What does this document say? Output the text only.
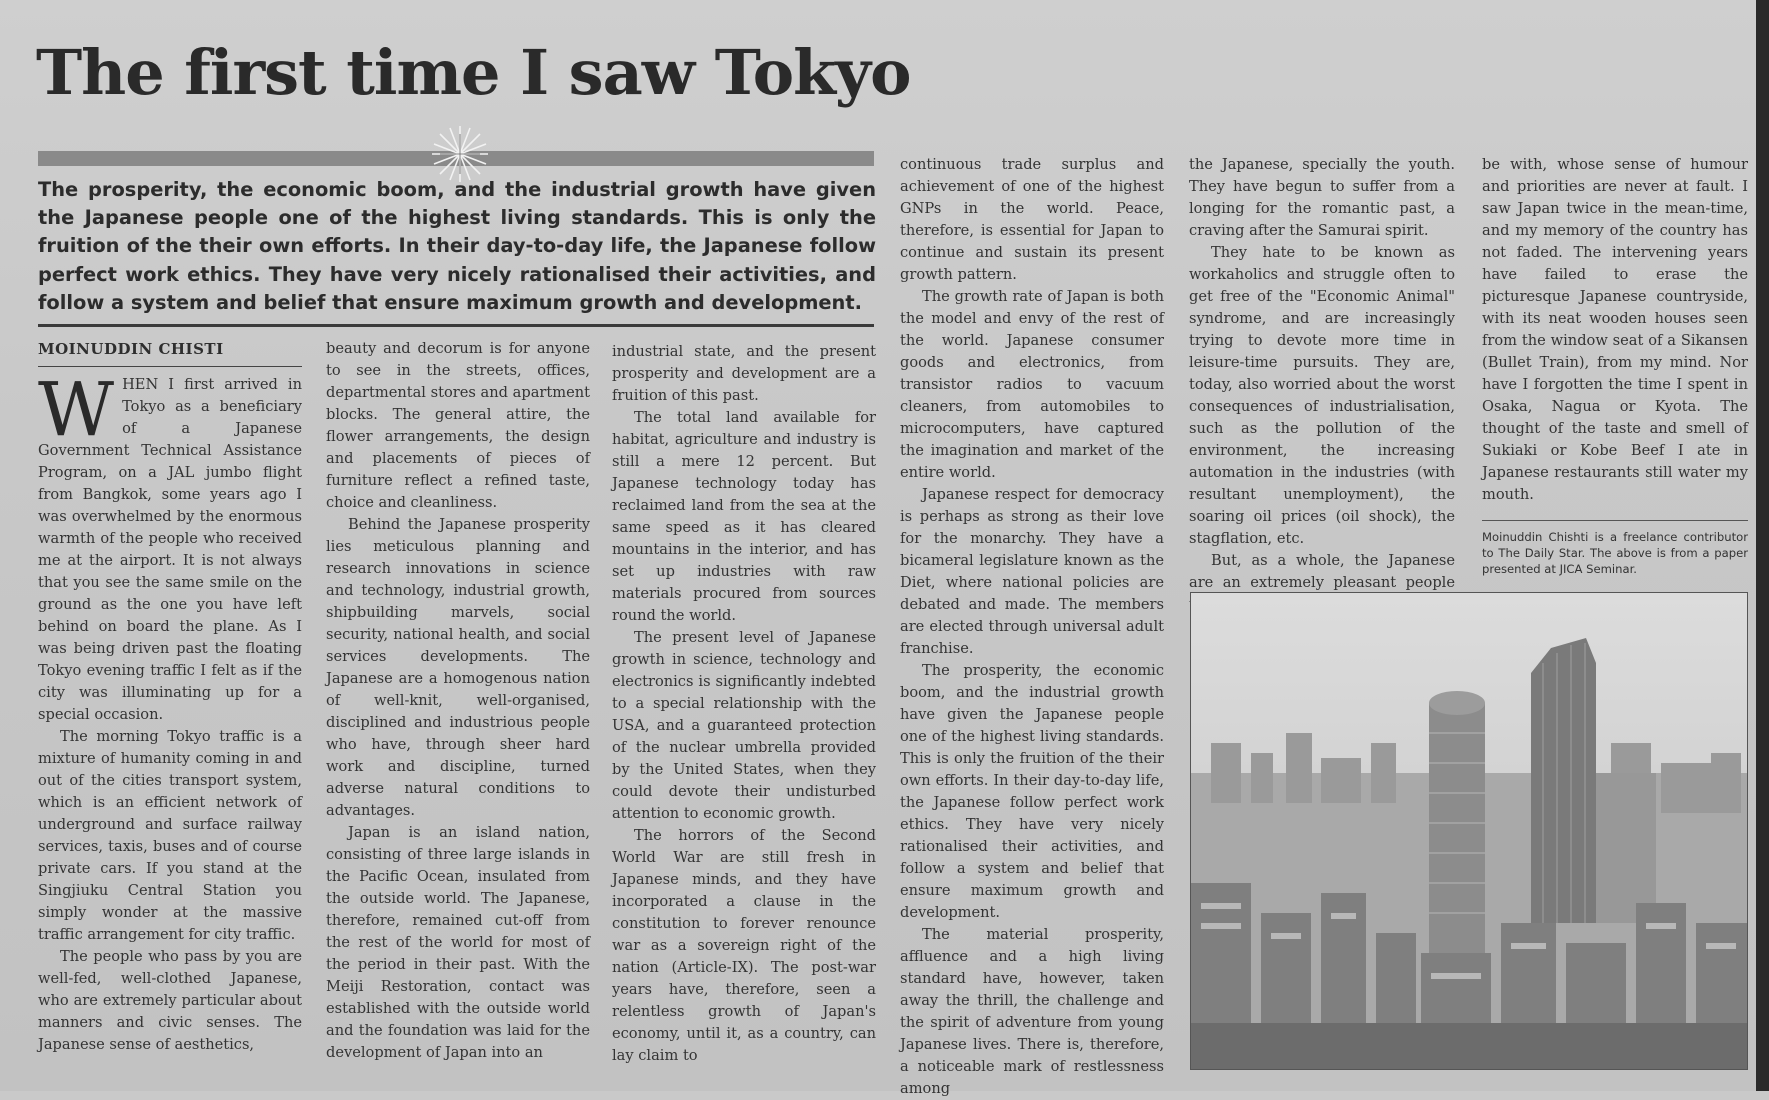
The first time I saw Tokyo

The prosperity, the economic boom, and the industrial growth have given the Japanese people one of the highest living standards. This is only the fruition of the their own efforts. In their day-to-day life, the Japanese follow perfect work ethics. They have very nicely rationalised their activities, and follow a system and belief that ensure maximum growth and development.

MOINUDDIN CHISTI
W HEN I first arrived in Tokyo as a beneficiary of a Japanese Government Technical Assistance Program, on a JAL jumbo flight from Bangkok, some years ago I was overwhelmed by the enormous warmth of the people who received me at the airport. It is not always that you see the same smile on the ground as the one you have left behind on board the plane. As I was being driven past the floating Tokyo evening traffic I felt as if the city was illuminating up for a special occasion.

The morning Tokyo traffic is a mixture of humanity coming in and out of the cities transport system, which is an efficient network of underground and surface railway services, taxis, buses and of course private cars. If you stand at the Singjiuku Central Station you simply wonder at the massive traffic arrangement for city traffic.

The people who pass by you are well-fed, well-clothed Japanese, who are extremely particular about manners and civic senses. The Japanese sense of aesthetics,

beauty and decorum is for anyone to see in the streets, offices, departmental stores and apartment blocks. The general attire, the flower arrangements, the design and placements of pieces of furniture reflect a refined taste, choice and cleanliness.

Behind the Japanese prosperity lies meticulous planning and research innovations in science and technology, industrial growth, shipbuilding marvels, social security, national health, and social services developments. The Japanese are a homogenous nation of well-knit, well-organised, disciplined and industrious people who have, through sheer hard work and discipline, turned adverse natural conditions to advantages.

Japan is an island nation, consisting of three large islands in the Pacific Ocean, insulated from the outside world. The Japanese, therefore, remained cut-off from the rest of the world for most of the period in their past. With the Meiji Restoration, contact was established with the outside world and the foundation was laid for the development of Japan into an

industrial state, and the present prosperity and development are a fruition of this past.

The total land available for habitat, agriculture and industry is still a mere 12 percent. But Japanese technology today has reclaimed land from the sea at the same speed as it has cleared mountains in the interior, and has set up industries with raw materials procured from sources round the world.

The present level of Japanese growth in science, technology and electronics is significantly indebted to a special relationship with the USA, and a guaranteed protection of the nuclear umbrella provided by the United States, when they could devote their undisturbed attention to economic growth.

The horrors of the Second World War are still fresh in Japanese minds, and they have incorporated a clause in the constitution to forever renounce war as a sovereign right of the nation (Article-IX). The post-war years have, therefore, seen a relentless growth of Japan's economy, until it, as a country, can lay claim to

continuous trade surplus and achievement of one of the highest GNPs in the world. Peace, therefore, is essential for Japan to continue and sustain its present growth pattern.

The growth rate of Japan is both the model and envy of the rest of the world. Japanese consumer goods and electronics, from transistor radios to vacuum cleaners, from automobiles to microcomputers, have captured the imagination and market of the entire world.

Japanese respect for democracy is perhaps as strong as their love for the monarchy. They have a bicameral legislature known as the Diet, where national policies are debated and made. The members are elected through universal adult franchise.

The prosperity, the economic boom, and the industrial growth have given the Japanese people one of the highest living standards. This is only the fruition of the their own efforts. In their day-to-day life, the Japanese follow perfect work ethics. They have very nicely rationalised their activities, and follow a system and belief that ensure maximum growth and development.

The material prosperity, affluence and a high living standard have, however, taken away the thrill, the challenge and the spirit of adventure from young Japanese lives. There is, therefore, a noticeable mark of restlessness among

the Japanese, specially the youth. They have begun to suffer from a longing for the romantic past, a craving after the Samurai spirit.

They hate to be known as workaholics and struggle often to get free of the "Economic Animal" syndrome, and are increasingly trying to devote more time in leisure-time pursuits. They are, today, also worried about the worst consequences of industrialisation, such as the pollution of the environment, the increasing automation in the industries (with resultant unemployment), the soaring oil prices (oil shock), the stagflation, etc.

But, as a whole, the Japanese are an extremely pleasant people

be with, whose sense of humour and priorities are never at fault. I saw Japan twice in the mean-time, and my memory of the country has not faded. The intervening years have failed to erase the picturesque Japanese countryside, with its neat wooden houses seen from the window seat of a Sikansen (Bullet Train), from my mind. Nor have I forgotten the time I spent in Osaka, Nagua or Kyota. The thought of the taste and smell of Sukiaki or Kobe Beef I ate in Japanese restaurants still water my mouth.

Moinuddin Chishti is a freelance contributor to The Daily Star. The above is from a paper presented at JICA Seminar.
